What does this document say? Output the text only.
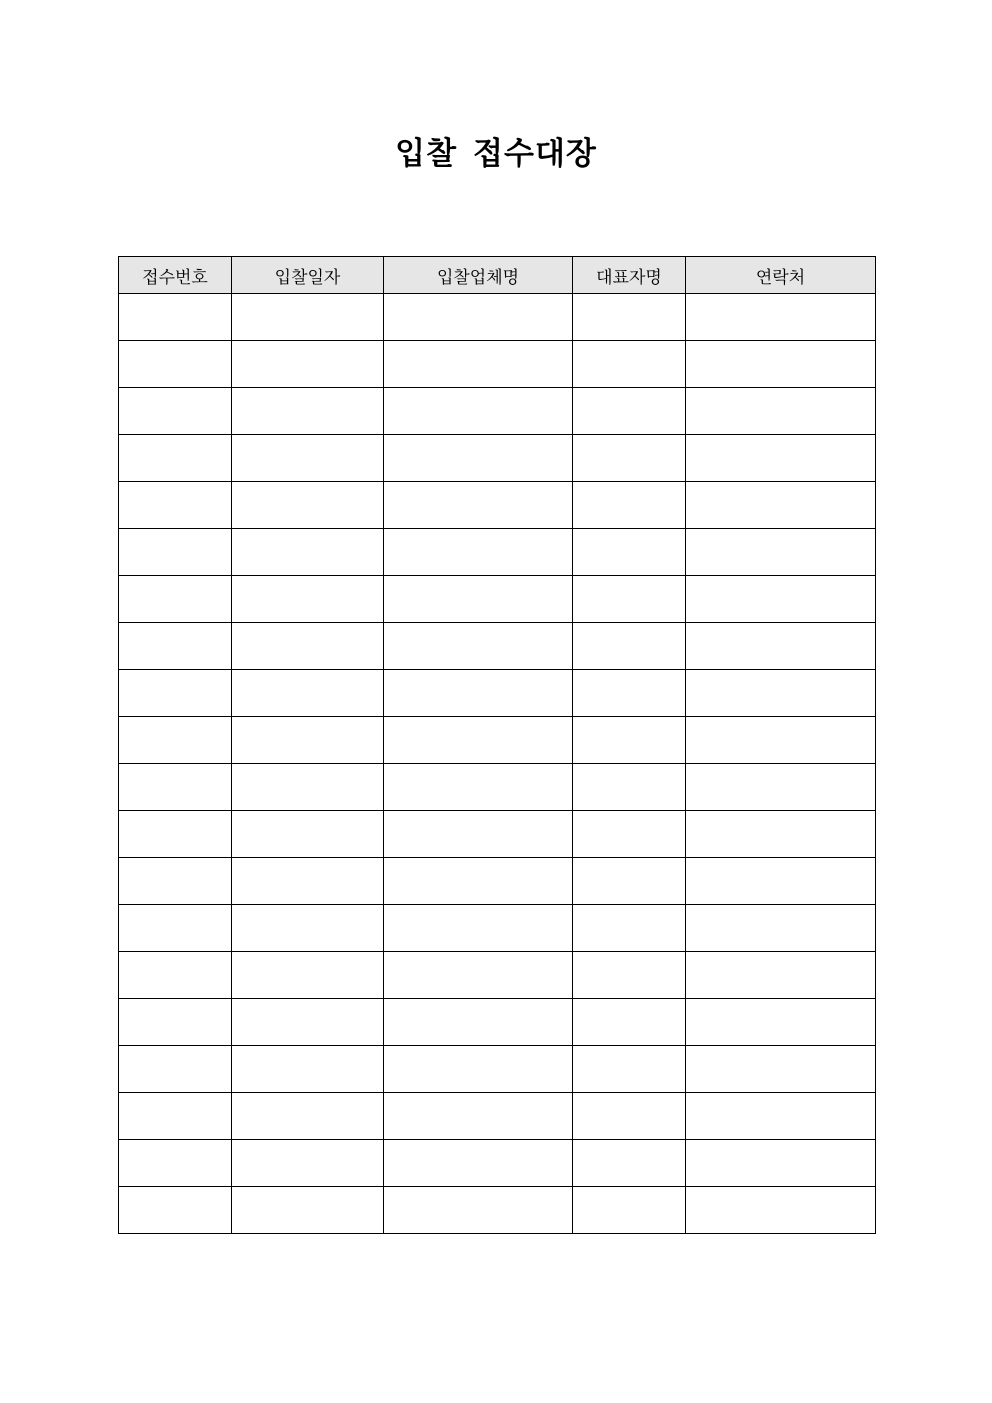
입찰 접수대장
접수번호	입찰일자	입찰업체명	대표자명	연락처
